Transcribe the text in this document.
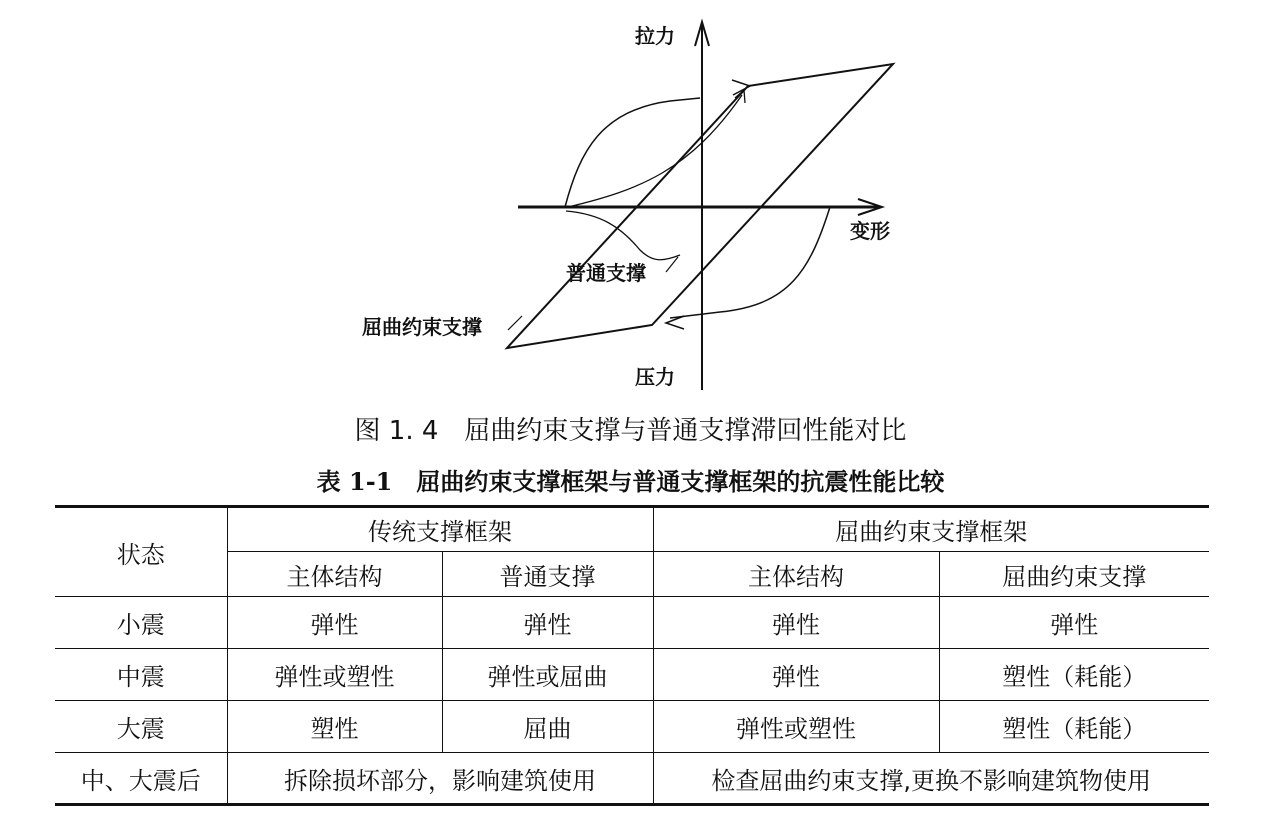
拉力
压力
变形
普通支撑
屈曲约束支撑
图 1. 4　屈曲约束支撑与普通支撑滞回性能对比
表 1-1　屈曲约束支撑框架与普通支撑框架的抗震性能比较
状态	传统支撑框架		屈曲约束支撑框架	
	主体结构	普通支撑	主体结构	屈曲约束支撑
小震	弹性	弹性	弹性	弹性
中震	弹性或塑性	弹性或屈曲	弹性	塑性（耗能）
大震	塑性	屈曲	弹性或塑性	塑性（耗能）
中、大震后	拆除损坏部分，影响建筑使用		检查屈曲约束支撑,更换不影响建筑物使用	
